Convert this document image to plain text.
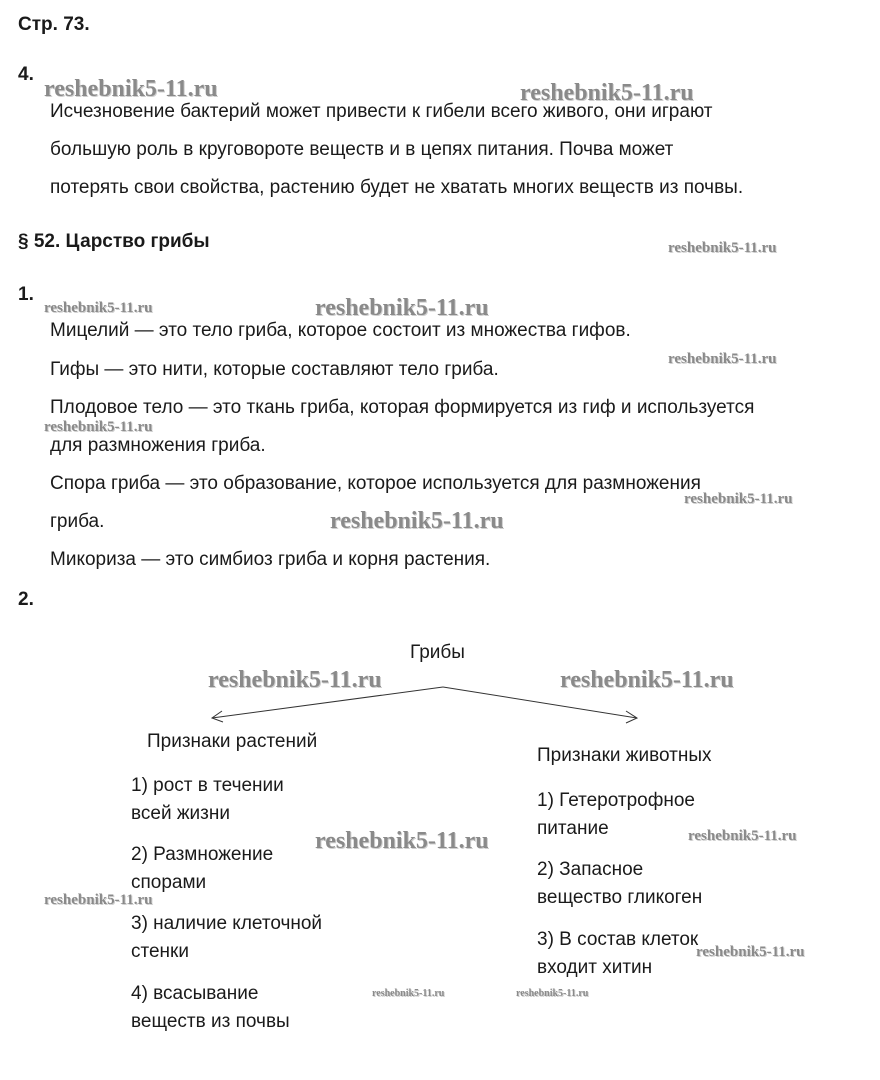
Стр. 73.
4.
Исчезновение бактерий может привести к гибели всего живого, они играют
большую роль в круговороте веществ и в цепях питания. Почва может
потерять свои свойства, растению будет не хватать многих веществ из почвы.
§ 52. Царство грибы
1.
Мицелий — это тело гриба, которое состоит из множества гифов.
Гифы — это нити, которые составляют тело гриба.
Плодовое тело — это ткань гриба, которая формируется из гиф и используется
для размножения гриба.
Спора гриба — это образование, которое используется для размножения
гриба.
Микориза — это симбиоз гриба и корня растения.
2.
Грибы
Признаки растений
1) рост в течении
всей жизни
2) Размножение
спорами
3) наличие клеточной
стенки
4) всасывание
веществ из почвы
Признаки животных
1) Гетеротрофное
питание
2) Запасное
вещество гликоген
3) В состав клеток
входит хитин
reshebnik5-11.ru	reshebnik5-11.ru
reshebnik5-11.ru
reshebnik5-11.ru	reshebnik5-11.ru
reshebnik5-11.ru
reshebnik5-11.ru
reshebnik5-11.ru
reshebnik5-11.ru
reshebnik5-11.ru	reshebnik5-11.ru
reshebnik5-11.ru	reshebnik5-11.ru
reshebnik5-11.ru
reshebnik5-11.ru
reshebnik5-11.ru	reshebnik5-11.ru
